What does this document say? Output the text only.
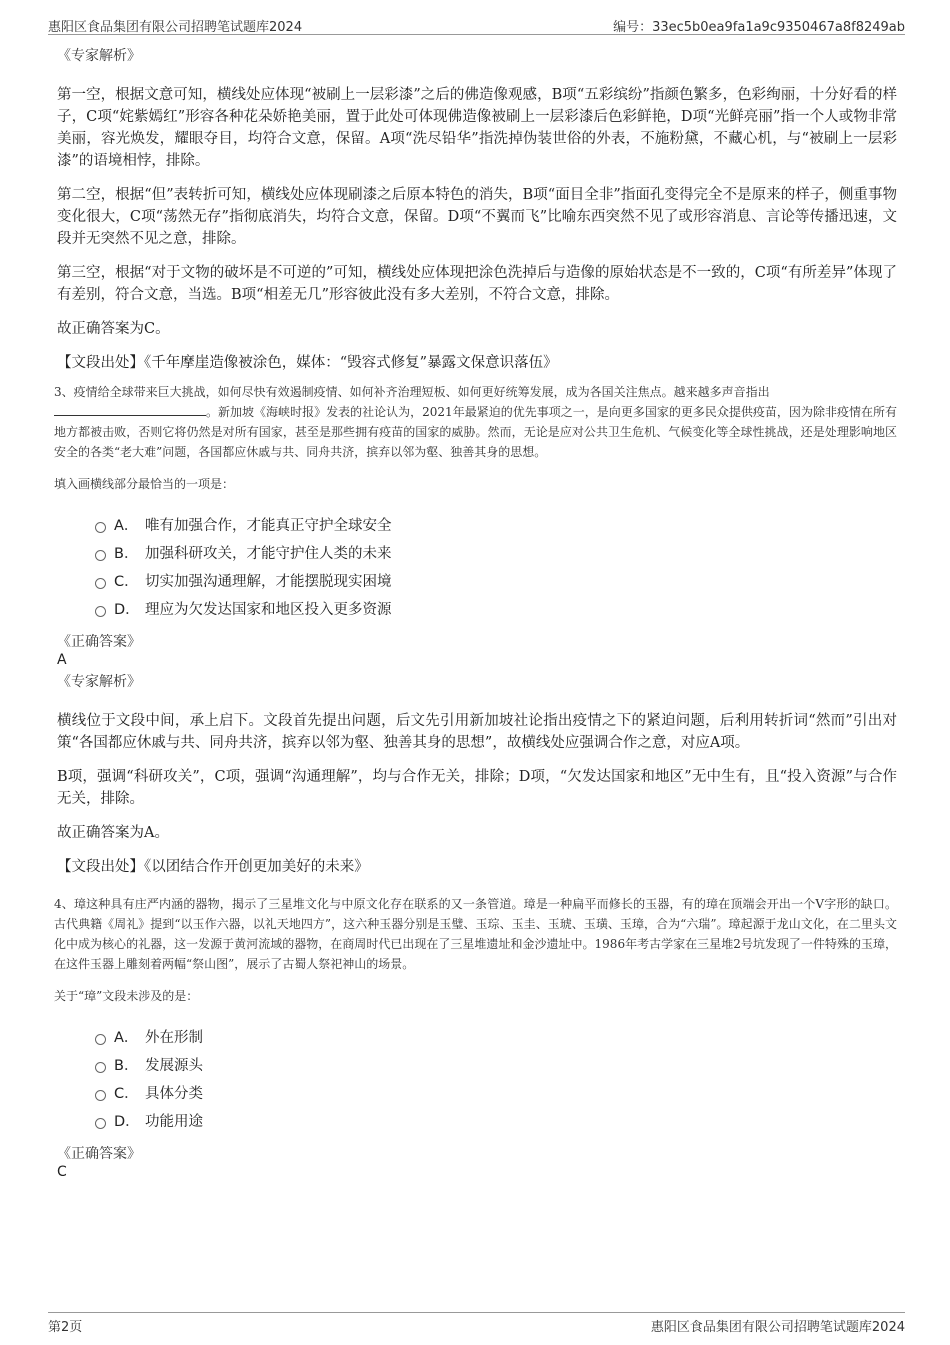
惠阳区食品集团有限公司招聘笔试题库2024	编号：33ec5b0ea9fa1a9c9350467a8f8249ab

《专家解析》

第一空，根据文意可知，横线处应体现“被刷上一层彩漆”之后的佛造像观感，B项“五彩缤纷”指颜色繁多，色彩绚丽，十分好看的样子，C项“姹紫嫣红”形容各种花朵娇艳美丽，置于此处可体现佛造像被刷上一层彩漆后色彩鲜艳，D项“光鲜亮丽”指一个人或物非常美丽，容光焕发，耀眼夺目，均符合文意，保留。A项“洗尽铅华”指洗掉伪装世俗的外表，不施粉黛，不藏心机，与“被刷上一层彩漆”的语境相悖，排除。

第二空，根据“但”表转折可知，横线处应体现刷漆之后原本特色的消失，B项“面目全非”指面孔变得完全不是原来的样子，侧重事物变化很大，C项“荡然无存”指彻底消失，均符合文意，保留。D项“不翼而飞”比喻东西突然不见了或形容消息、言论等传播迅速，文段并无突然不见之意，排除。

第三空，根据“对于文物的破坏是不可逆的”可知，横线处应体现把涂色洗掉后与造像的原始状态是不一致的，C项“有所差异”体现了有差别，符合文意，当选。B项“相差无几”形容彼此没有多大差别，不符合文意，排除。

故正确答案为C。

【文段出处】《千年摩崖造像被涂色，媒体：“毁容式修复”暴露文保意识落伍》

3、疫情给全球带来巨大挑战，如何尽快有效遏制疫情、如何补齐治理短板、如何更好统筹发展，成为各国关注焦点。越来越多声音指出
。新加坡《海峡时报》发表的社论认为，2021年最紧迫的优先事项之一，是向更多国家的更多民众提供疫苗，因为除非疫情在所有地方都被击败，否则它将仍然是对所有国家，甚至是那些拥有疫苗的国家的威胁。然而，无论是应对公共卫生危机、气候变化等全球性挑战，还是处理影响地区安全的各类“老大难”问题，各国都应休戚与共、同舟共济，摈弃以邻为壑、独善其身的思想。

填入画横线部分最恰当的一项是：

A． 唯有加强合作，才能真正守护全球安全
B． 加强科研攻关，才能守护住人类的未来
C． 切实加强沟通理解，才能摆脱现实困境
D． 理应为欠发达国家和地区投入更多资源

《正确答案》

A

《专家解析》

横线位于文段中间，承上启下。文段首先提出问题，后文先引用新加坡社论指出疫情之下的紧迫问题，后利用转折词“然而”引出对策“各国都应休戚与共、同舟共济，摈弃以邻为壑、独善其身的思想”，故横线处应强调合作之意，对应A项。

B项，强调“科研攻关”，C项，强调“沟通理解”，均与合作无关，排除；D项，“欠发达国家和地区”无中生有，且“投入资源”与合作无关，排除。

故正确答案为A。

【文段出处】《以团结合作开创更加美好的未来》

4、璋这种具有庄严内涵的器物，揭示了三星堆文化与中原文化存在联系的又一条管道。璋是一种扁平而修长的玉器，有的璋在顶端会开出一个V字形的缺口。古代典籍《周礼》提到“以玉作六器，以礼天地四方”，这六种玉器分别是玉璧、玉琮、玉圭、玉琥、玉璜、玉璋，合为“六瑞”。璋起源于龙山文化，在二里头文化中成为核心的礼器，这一发源于黄河流域的器物，在商周时代已出现在了三星堆遗址和金沙遗址中。1986年考古学家在三星堆2号坑发现了一件特殊的玉璋，在这件玉器上雕刻着两幅“祭山图”，展示了古蜀人祭祀神山的场景。

关于“璋”文段未涉及的是：

A． 外在形制
B． 发展源头
C． 具体分类
D． 功能用途

《正确答案》

C

第2页	惠阳区食品集团有限公司招聘笔试题库2024
